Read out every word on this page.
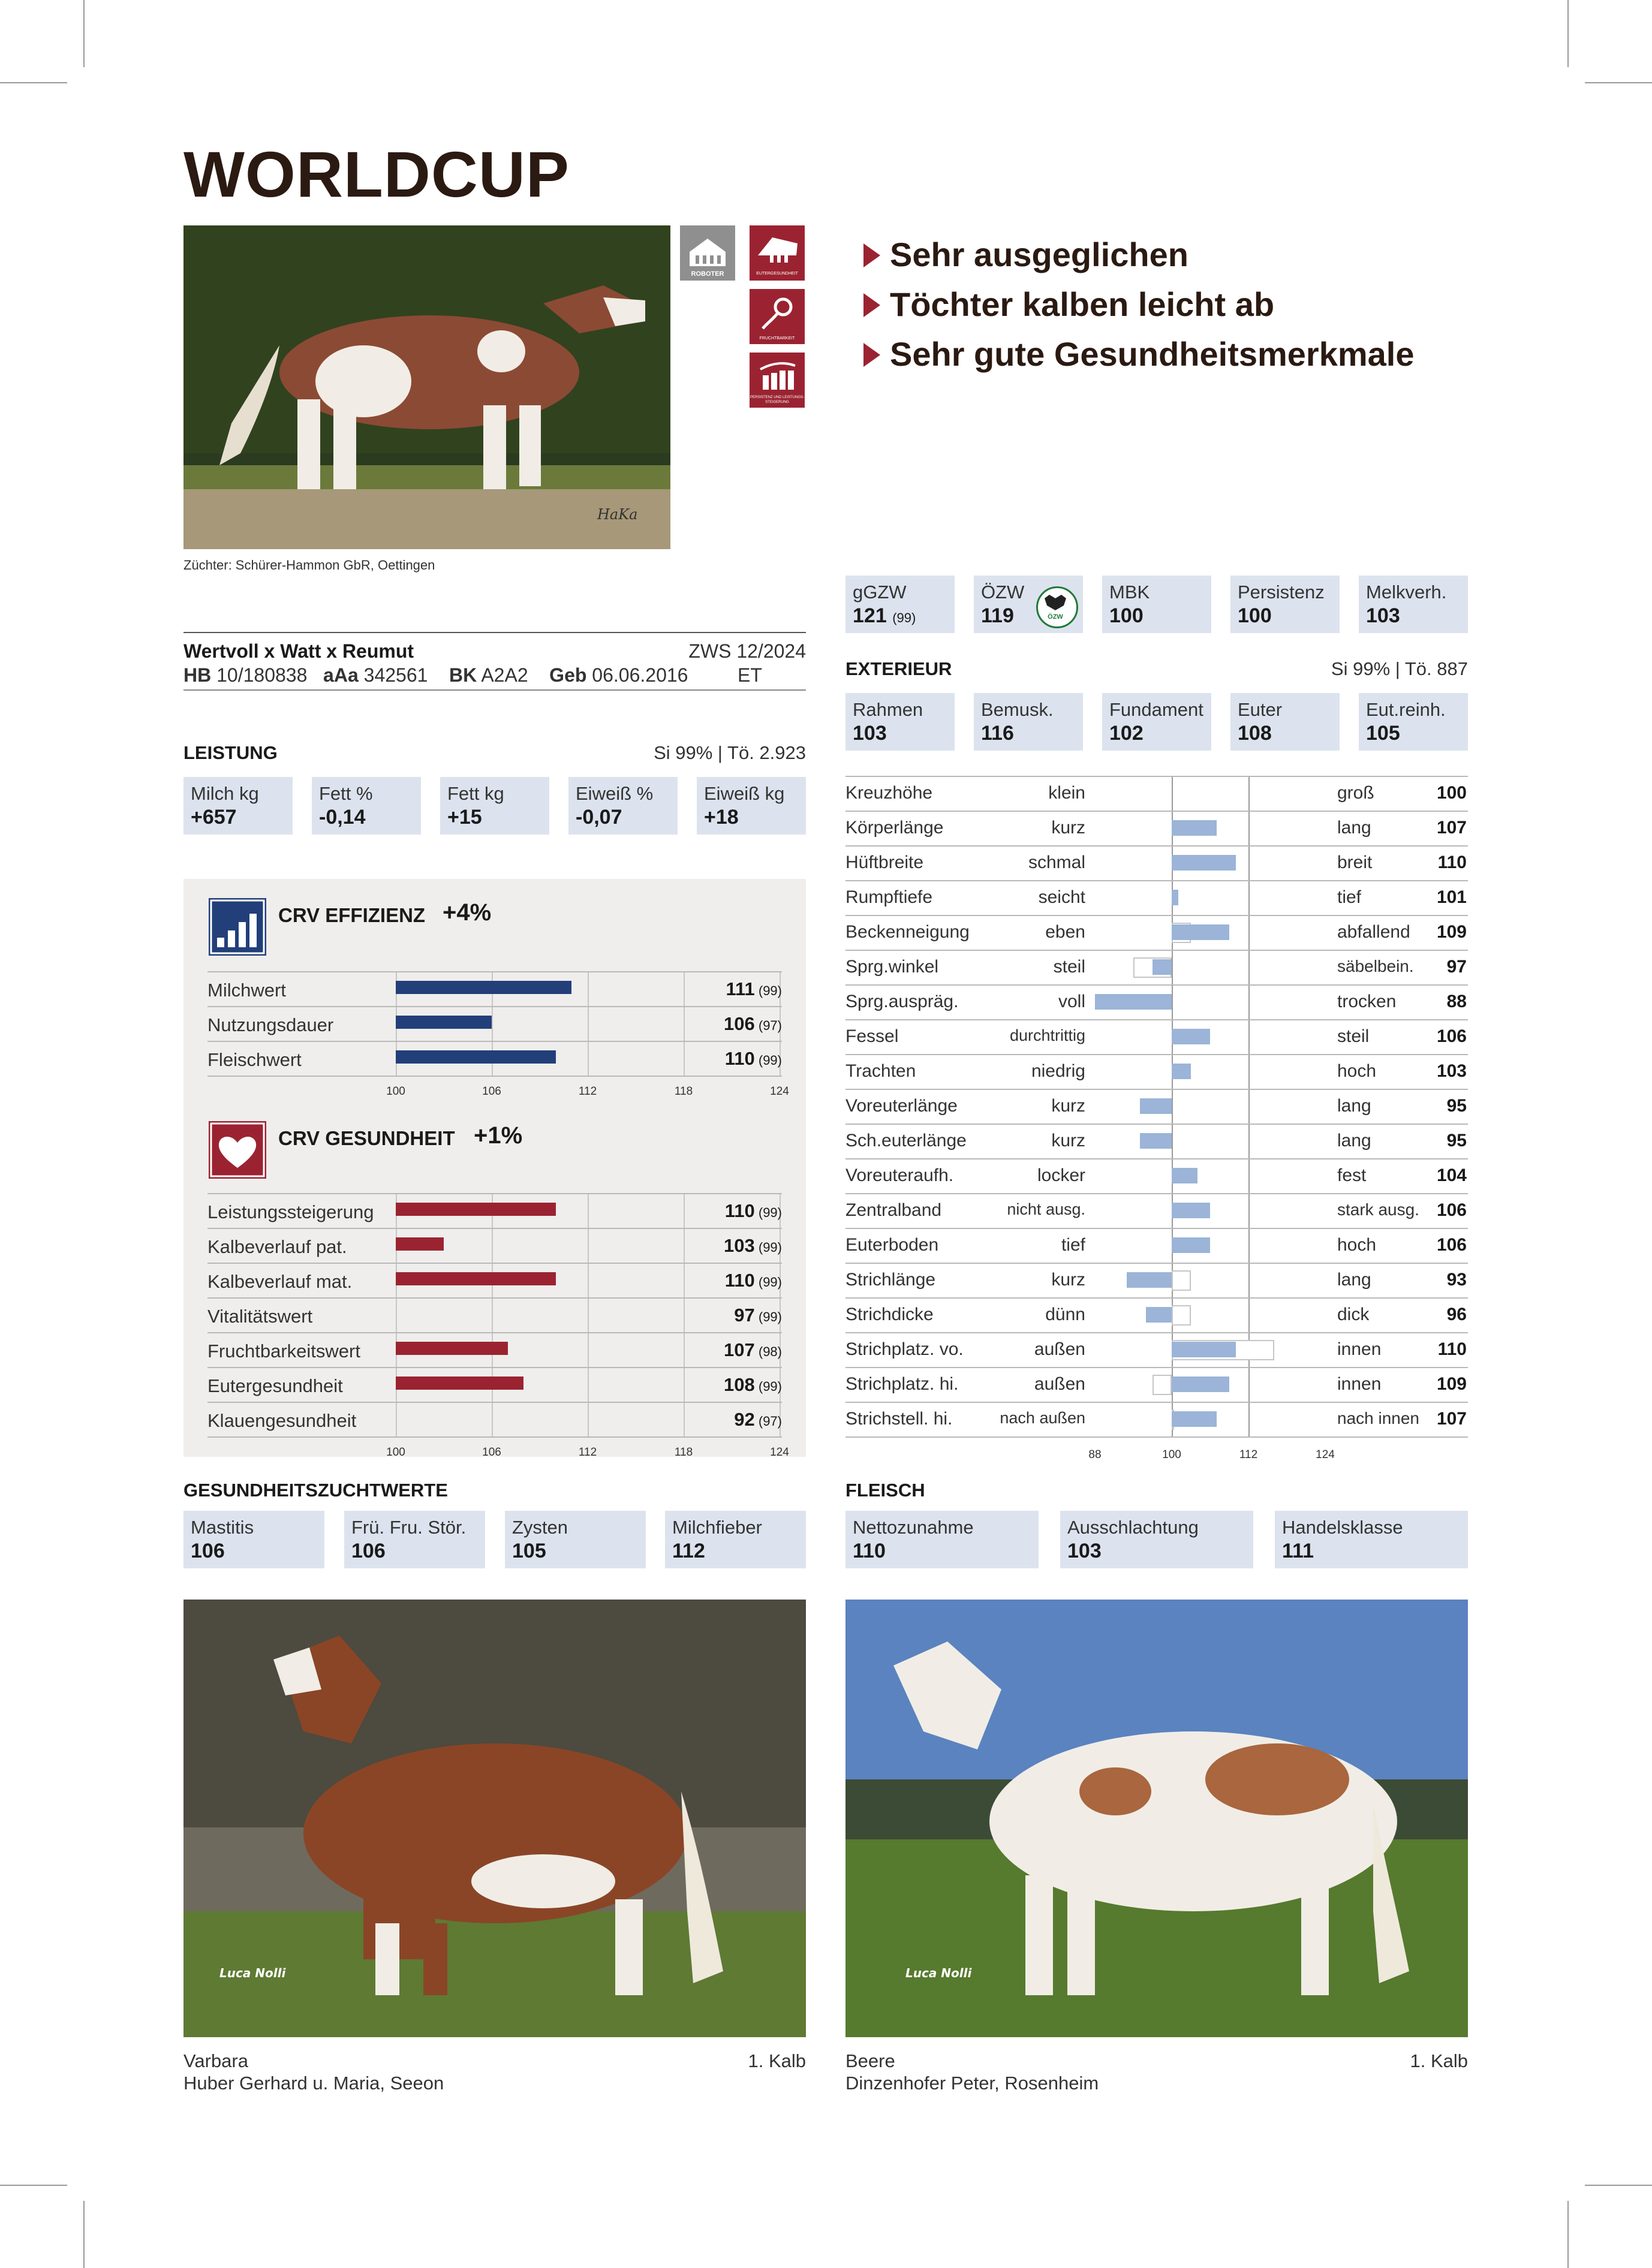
WORLDCUP
HaKa
Züchter: Schürer-Hammon GbR, Oettingen
ROBOTER	EUTERGESUNDHEIT
FRUCHTBARKEIT
PERSISTENZ UND LEISTUNGS-
STEIGERUNG
Sehr ausgeglichen
Töchter kalben leicht ab
Sehr gute Gesundheitsmerkmale
gGZW
121 (99)
ÖZW
119	ÖZW
MBK
100
Persistenz
100
Melkverh.
103
Wertvoll x Watt x Reumut	ZWS 12/2024
HB 10/180838 aAa 342561 BK A2A2 Geb 06.06.2016	ET
LEISTUNG	Si 99% | Tö. 2.923
Milch kg
+657
Fett %
-0,14
Fett kg
+15
Eiweiß %
-0,07
Eiweiß kg
+18
CRV EFFIZIENZ +4%
100	106	112	118	124
Milchwert	111 (99)
Nutzungsdauer	106 (97)
Fleischwert	110 (99)
CRV GESUNDHEIT +1%
100	106	112	118	124
Leistungssteigerung	110 (99)
Kalbeverlauf pat.	103 (99)
Kalbeverlauf mat.	110 (99)
Vitalitätswert	97 (99)
Fruchtbarkeitswert	107 (98)
Eutergesundheit	108 (99)
Klauengesundheit	92 (97)
GESUNDHEITSZUCHTWERTE
Mastitis
106
Frü. Fru. Stör.
106
Zysten
105
Milchfieber
112
EXTERIEUR	Si 99% | Tö. 887
Rahmen
103
Bemusk.
116
Fundament
102
Euter
108
Eut.reinh.
105
88	100	112	124
Kreuzhöhe	klein	groß	100
Körperlänge	kurz	lang	107
Hüftbreite	schmal	breit	110
Rumpftiefe	seicht	tief	101
Beckenneigung	eben	abfallend	109
Sprg.winkel	steil	säbelbein.	97
Sprg.auspräg.	voll	trocken	88
Fessel	durchtrittig	steil	106
Trachten	niedrig	hoch	103
Voreuterlänge	kurz	lang	95
Sch.euterlänge	kurz	lang	95
Voreuteraufh.	locker	fest	104
Zentralband	nicht ausg.	stark ausg. 106
Euterboden	tief	hoch	106
Strichlänge	kurz	lang	93
Strichdicke	dünn	dick	96
Strichplatz. vo.	außen	innen	110
Strichplatz. hi.	außen	innen	109
Strichstell. hi.	nach außen	nach innen 107
FLEISCH
Nettozunahme
110
Ausschlachtung
103
Handelsklasse
111
Luca Nolli	Luca Nolli
Varbara
Huber Gerhard u. Maria, Seeon
1. Kalb Beere
Dinzenhofer Peter, Rosenheim
1. Kalb
